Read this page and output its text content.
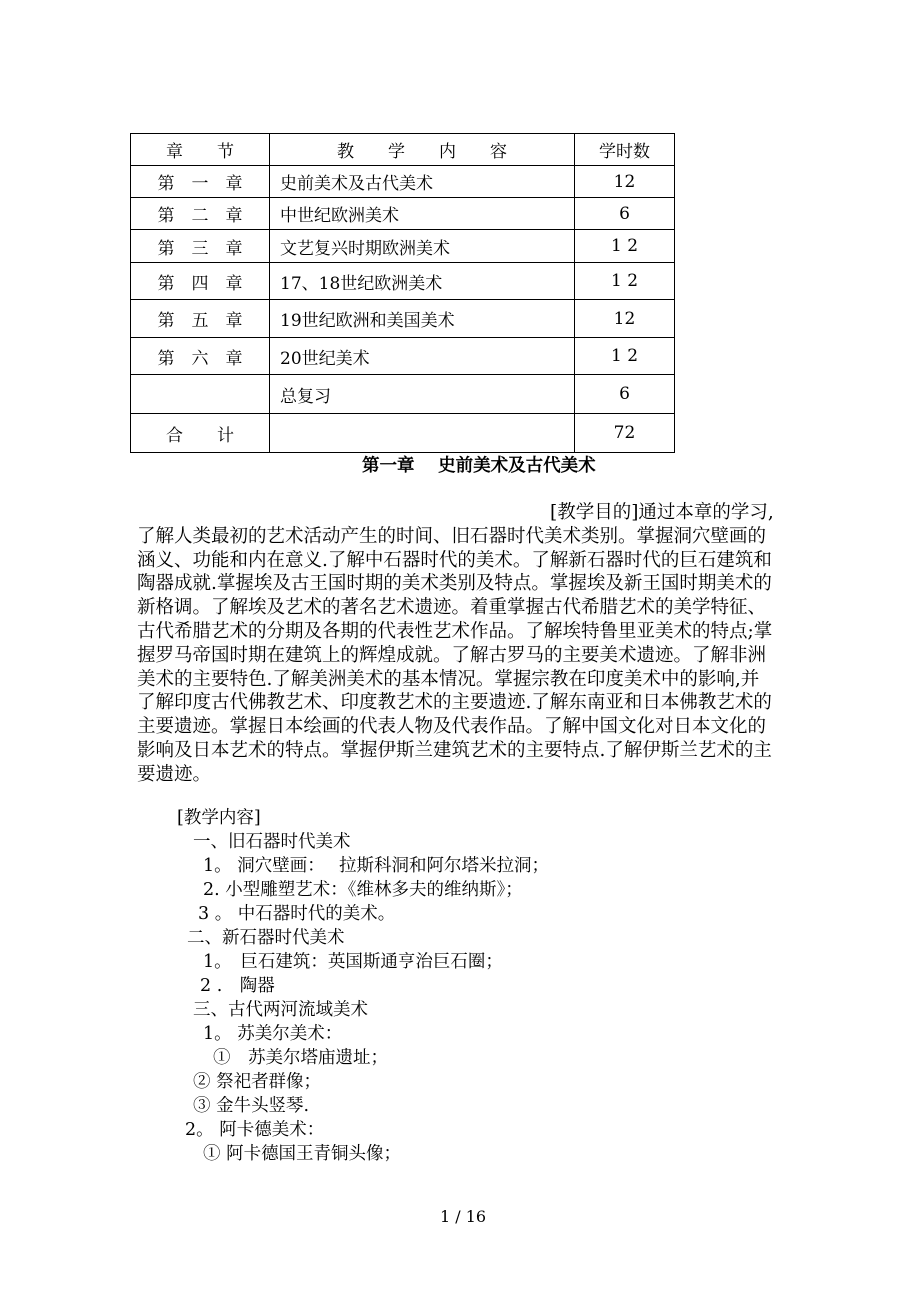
章　　节	教　　学　　内　　容	学时数
第　一　章	史前美术及古代美术	12
第　二　章	中世纪欧洲美术	6
第　三　章	文艺复兴时期欧洲美术	1 2
第　四　章	17、18世纪欧洲美术	1 2
第　五　章	19世纪欧洲和美国美术	12
第　六　章	20世纪美术	1 2
	总复习	6
合　　计		72
第一章　 史前美术及古代美术
[教学目的]通过本章的学习,
了解人类最初的艺术活动产生的时间、旧石器时代美术类别。掌握洞穴壁画的
涵义、功能和内在意义.了解中石器时代的美术。了解新石器时代的巨石建筑和
陶器成就.掌握埃及古王国时期的美术类别及特点。掌握埃及新王国时期美术的
新格调。了解埃及艺术的著名艺术遗迹。着重掌握古代希腊艺术的美学特征、
古代希腊艺术的分期及各期的代表性艺术作品。了解埃特鲁里亚美术的特点;掌
握罗马帝国时期在建筑上的辉煌成就。了解古罗马的主要美术遗迹。了解非洲
美术的主要特色.了解美洲美术的基本情况。掌握宗教在印度美术中的影响,并
了解印度古代佛教艺术、印度教艺术的主要遗迹.了解东南亚和日本佛教艺术的
主要遗迹。掌握日本绘画的代表人物及代表作品。了解中国文化对日本文化的
影响及日本艺术的特点。掌握伊斯兰建筑艺术的主要特点.了解伊斯兰艺术的主
要遗迹。
[教学内容]
一、旧石器时代美术
1。 洞穴壁画：　 拉斯科洞和阿尔塔米拉洞；
2. 小型雕塑艺术：《维林多夫的维纳斯》；
3 。 中石器时代的美术。
二、新石器时代美术
1。　巨石建筑：英国斯通亨治巨石圈；
2 .　陶器
三、古代两河流域美术
1。 苏美尔美术：
①　苏美尔塔庙遗址；
② 祭祀者群像；
③ 金牛头竖琴.
2。 阿卡德美术：
① 阿卡德国王青铜头像；
1 / 16
